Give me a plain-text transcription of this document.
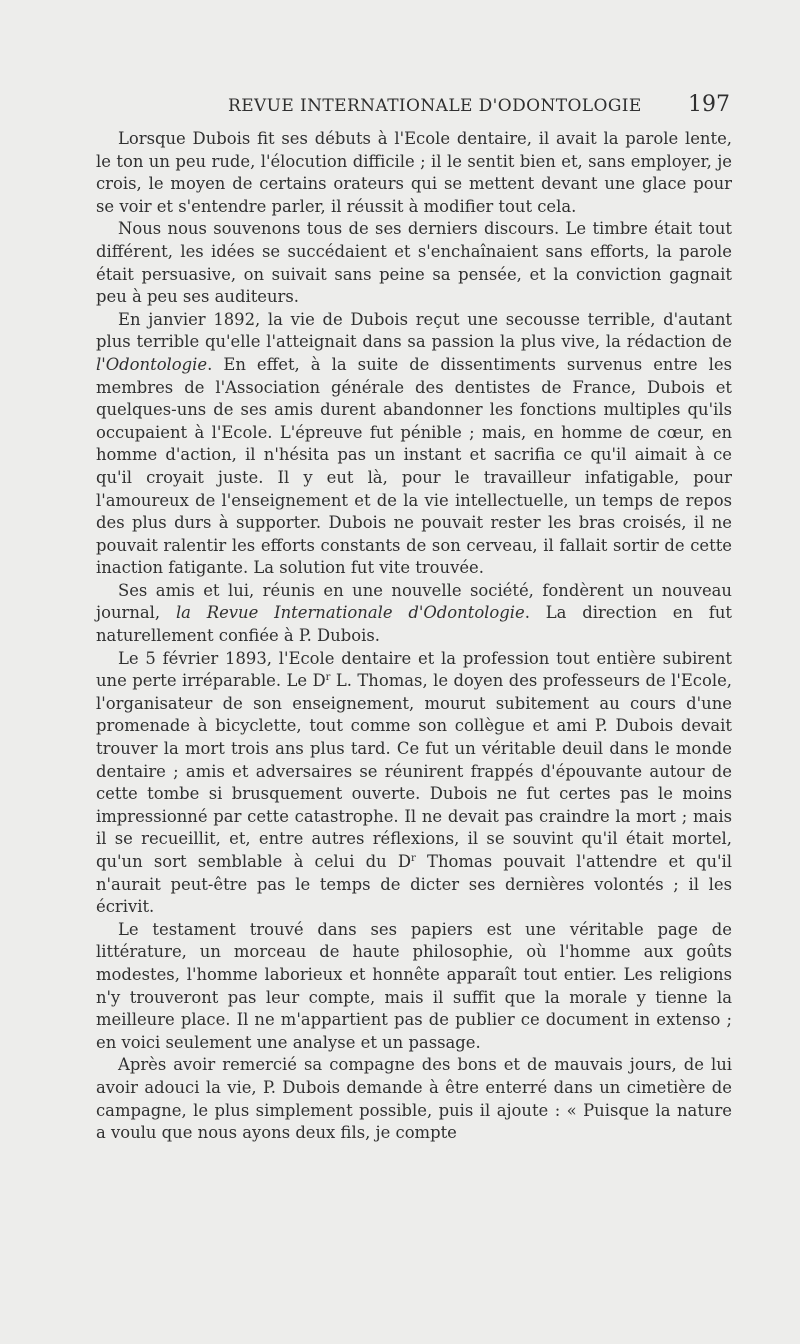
REVUE INTERNATIONALE D'ODONTOLOGIE 197

Lorsque Dubois fit ses débuts à l'Ecole dentaire, il avait la parole lente, le ton un peu rude, l'élocution difficile ; il le sentit bien et, sans employer, je crois, le moyen de certains orateurs qui se mettent devant une glace pour se voir et s'entendre parler, il réussit à modifier tout cela.

Nous nous souvenons tous de ses derniers discours. Le timbre était tout différent, les idées se succédaient et s'enchaînaient sans efforts, la parole était persuasive, on suivait sans peine sa pensée, et la conviction gagnait peu à peu ses auditeurs.

En janvier 1892, la vie de Dubois reçut une secousse terrible, d'autant plus terrible qu'elle l'atteignait dans sa passion la plus vive, la rédaction de l'Odontologie. En effet, à la suite de dissentiments survenus entre les membres de l'Association générale des dentistes de France, Dubois et quelques-uns de ses amis durent abandonner les fonctions multiples qu'ils occupaient à l'Ecole. L'épreuve fut pénible ; mais, en homme de cœur, en homme d'action, il n'hésita pas un instant et sacrifia ce qu'il aimait à ce qu'il croyait juste. Il y eut là, pour le travailleur infatigable, pour l'amoureux de l'enseignement et de la vie intellectuelle, un temps de repos des plus durs à supporter. Dubois ne pouvait rester les bras croisés, il ne pouvait ralentir les efforts constants de son cerveau, il fallait sortir de cette inaction fatigante. La solution fut vite trouvée.

Ses amis et lui, réunis en une nouvelle société, fondèrent un nouveau journal, la Revue Internationale d'Odontologie. La direction en fut naturellement confiée à P. Dubois.

Le 5 février 1893, l'Ecole dentaire et la profession tout entière subirent une perte irréparable. Le $D^r$ L. Thomas, le doyen des professeurs de l'Ecole, l'organisateur de son enseignement, mourut subitement au cours d'une promenade à bicyclette, tout comme son collègue et ami P. Dubois devait trouver la mort trois ans plus tard. Ce fut un véritable deuil dans le monde dentaire ; amis et adversaires se réunirent frappés d'épouvante autour de cette tombe si brusquement ouverte. Dubois ne fut certes pas le moins impressionné par cette catastrophe. Il ne devait pas craindre la mort ; mais il se recueillit, et, entre autres réflexions, il se souvint qu'il était mortel, qu'un sort semblable à celui du $D^r$ Thomas pouvait l'attendre et qu'il n'aurait peut-être pas le temps de dicter ses dernières volontés ; il les écrivit.

Le testament trouvé dans ses papiers est une véritable page de littérature, un morceau de haute philosophie, où l'homme aux goûts modestes, l'homme laborieux et honnête apparaît tout entier. Les religions n'y trouveront pas leur compte, mais il suffit que la morale y tienne la meilleure place. Il ne m'appartient pas de publier ce document in extenso ; en voici seulement une analyse et un passage.

Après avoir remercié sa compagne des bons et de mauvais jours, de lui avoir adouci la vie, P. Dubois demande à être enterré dans un cimetière de campagne, le plus simplement possible, puis il ajoute : « Puisque la nature a voulu que nous ayons deux fils, je compte
